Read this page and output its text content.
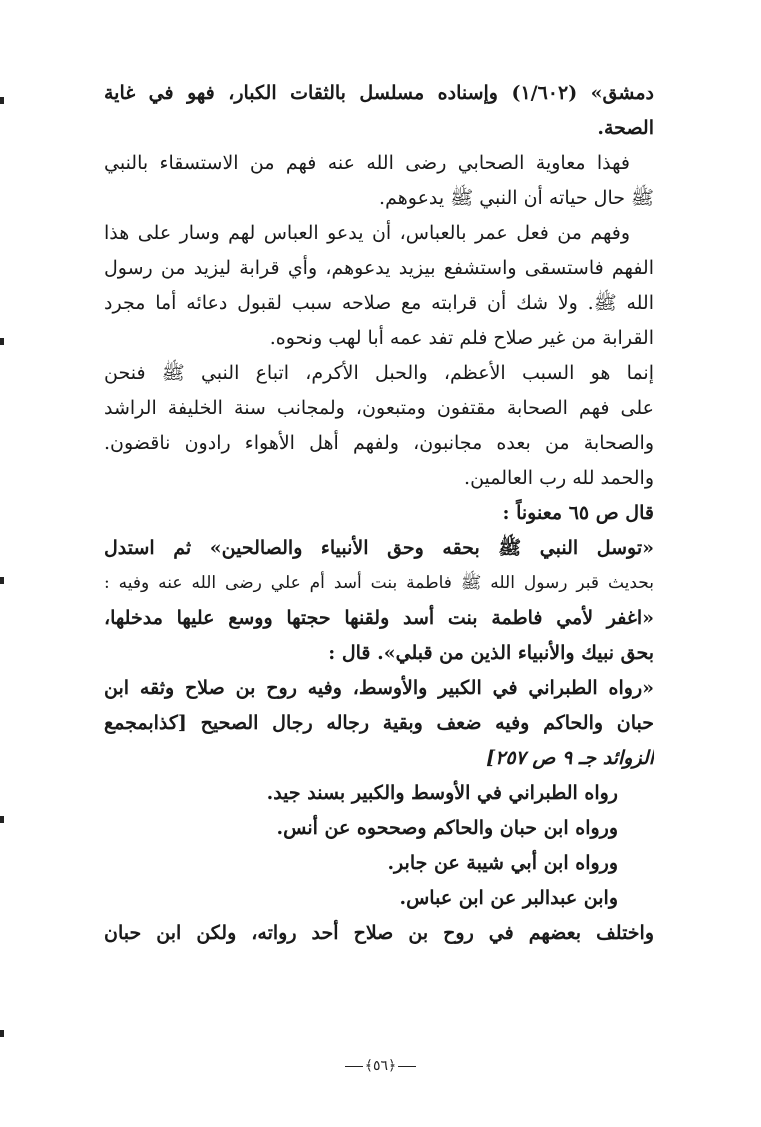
دمشق» (١/٦٠٢) وإسناده مسلسل بالثقات الكبار، فهو في غاية
الصحة.
فهذا معاوية الصحابي رضى الله عنه فهم من الاستسقاء بالنبي
ﷺ حال حياته أن النبي ﷺ يدعوهم.
وفهم من فعل عمر بالعباس، أن يدعو العباس لهم وسار على هذا
الفهم فاستسقى واستشفع بيزيد يدعوهم، وأي قرابة ليزيد من رسول
الله ﷺ. ولا شك أن قرابته مع صلاحه سبب لقبول دعائه أما مجرد
القرابة من غير صلاح فلم تفد عمه أبا لهب ونحوه.
إنما هو السبب الأعظم، والحبل الأكرم، اتباع النبي ﷺ فنحن
على فهم الصحابة مقتفون ومتبعون، ولمجانب سنة الخليفة الراشد
والصحابة من بعده مجانبون، ولفهم أهل الأهواء رادون ناقضون.
والحمد لله رب العالمين.
قال ص ٦٥ معنوناً :
«توسل النبي ﷺ بحقه وحق الأنبياء والصالحين» ثم استدل
بحديث قبر رسول الله ﷺ فاطمة بنت أسد أم علي رضى الله عنه وفيه :
«اغفر لأمي فاطمة بنت أسد ولقنها حجتها ووسع عليها مدخلها،
بحق نبيك والأنبياء الذين من قبلي». قال :
«رواه الطبراني في الكبير والأوسط، وفيه روح بن صلاح وثقه ابن
حبان والحاكم وفيه ضعف وبقية رجاله رجال الصحيح [كذابمجمع
الزوائد جـ ٩ ص ٢٥٧]
رواه الطبراني في الأوسط والكبير بسند جيد.
ورواه ابن حبان والحاكم وصححوه عن أنس.
ورواه ابن أبي شيبة عن جابر.
وابن عبدالبر عن ابن عباس.
واختلف بعضهم في روح بن صلاح أحد رواته، ولكن ابن حبان
﴿٥٦﴾
